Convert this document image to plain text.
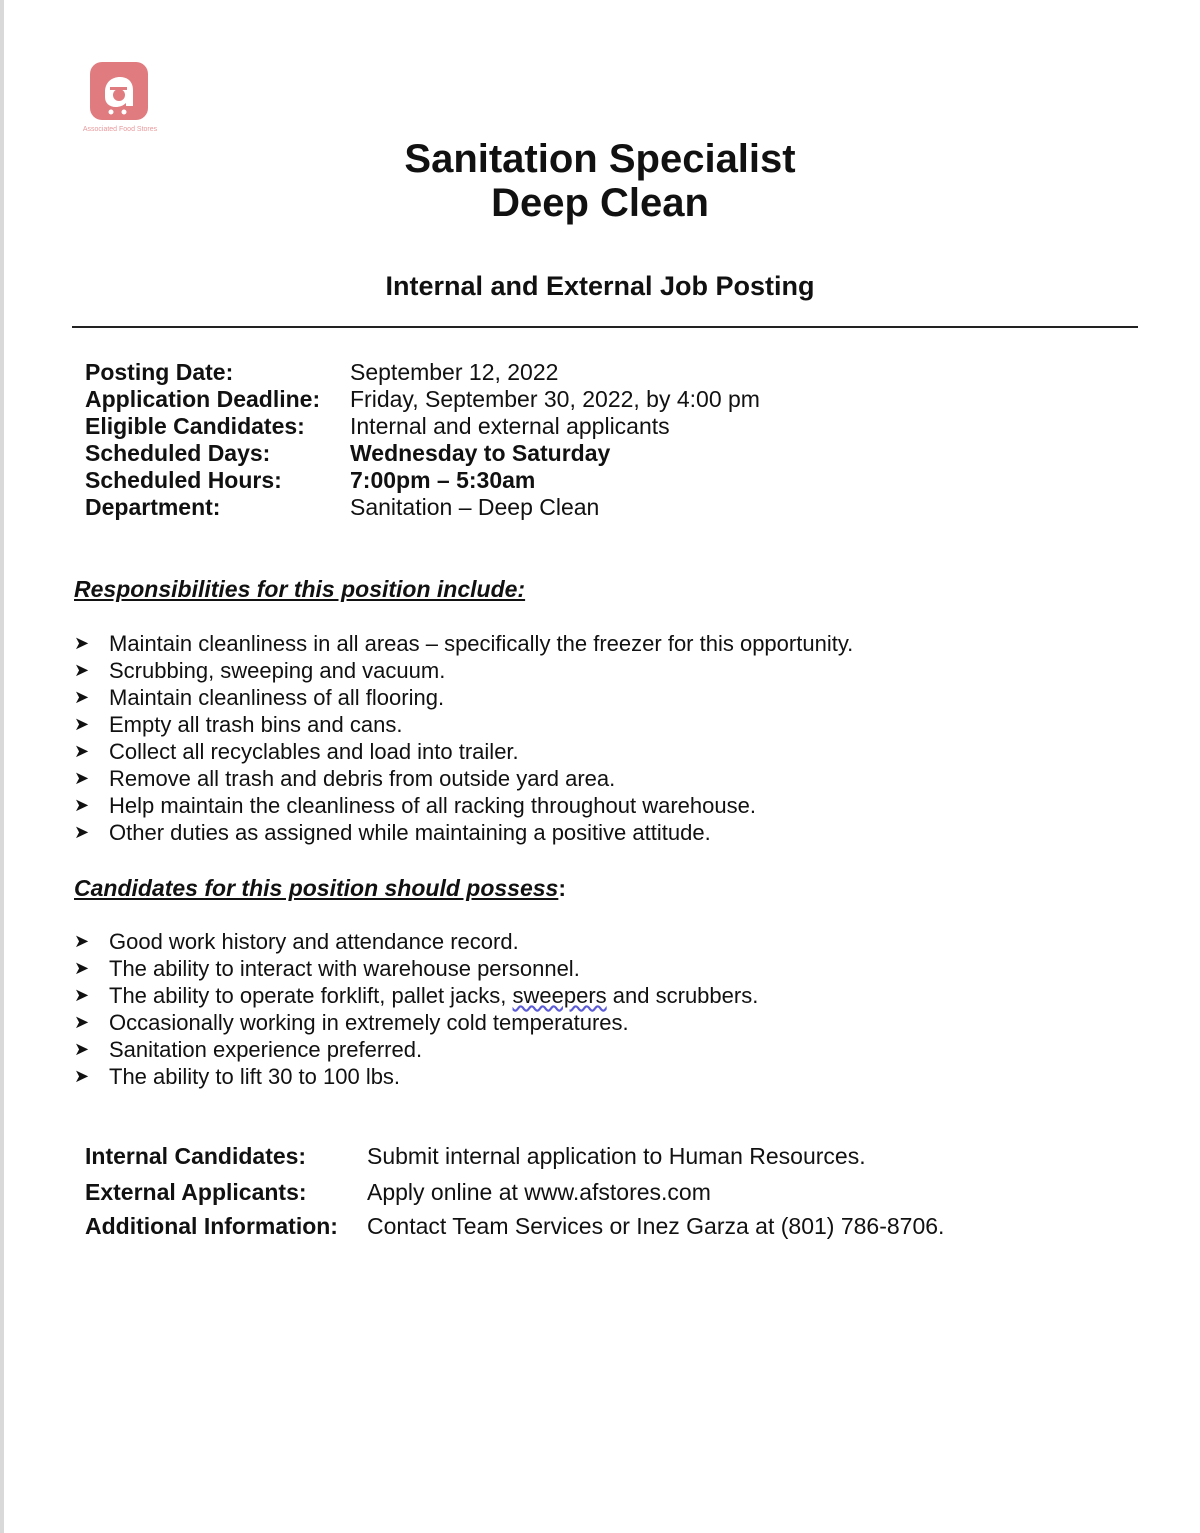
Associated Food Stores
Sanitation Specialist
Deep Clean
Internal and External Job Posting
Posting Date:	September 12, 2022
Application Deadline:	Friday, September 30, 2022, by 4:00 pm
Eligible Candidates:	Internal and external applicants
Scheduled Days:	Wednesday to Saturday
Scheduled Hours:	7:00pm – 5:30am
Department:	Sanitation – Deep Clean
Responsibilities for this position include:
➤ Maintain cleanliness in all areas – specifically the freezer for this opportunity.
➤ Scrubbing, sweeping and vacuum.
➤ Maintain cleanliness of all flooring.
➤ Empty all trash bins and cans.
➤ Collect all recyclables and load into trailer.
➤ Remove all trash and debris from outside yard area.
➤ Help maintain the cleanliness of all racking throughout warehouse.
➤ Other duties as assigned while maintaining a positive attitude.
Candidates for this position should possess:
➤ Good work history and attendance record.
➤ The ability to interact with warehouse personnel.
➤ The ability to operate forklift, pallet jacks, sweepers and scrubbers.
➤ Occasionally working in extremely cold temperatures.
➤ Sanitation experience preferred.
➤ The ability to lift 30 to 100 lbs.
Internal Candidates:	Submit internal application to Human Resources.
External Applicants:	Apply online at www.afstores.com
Additional Information:	Contact Team Services or Inez Garza at (801) 786-8706.
